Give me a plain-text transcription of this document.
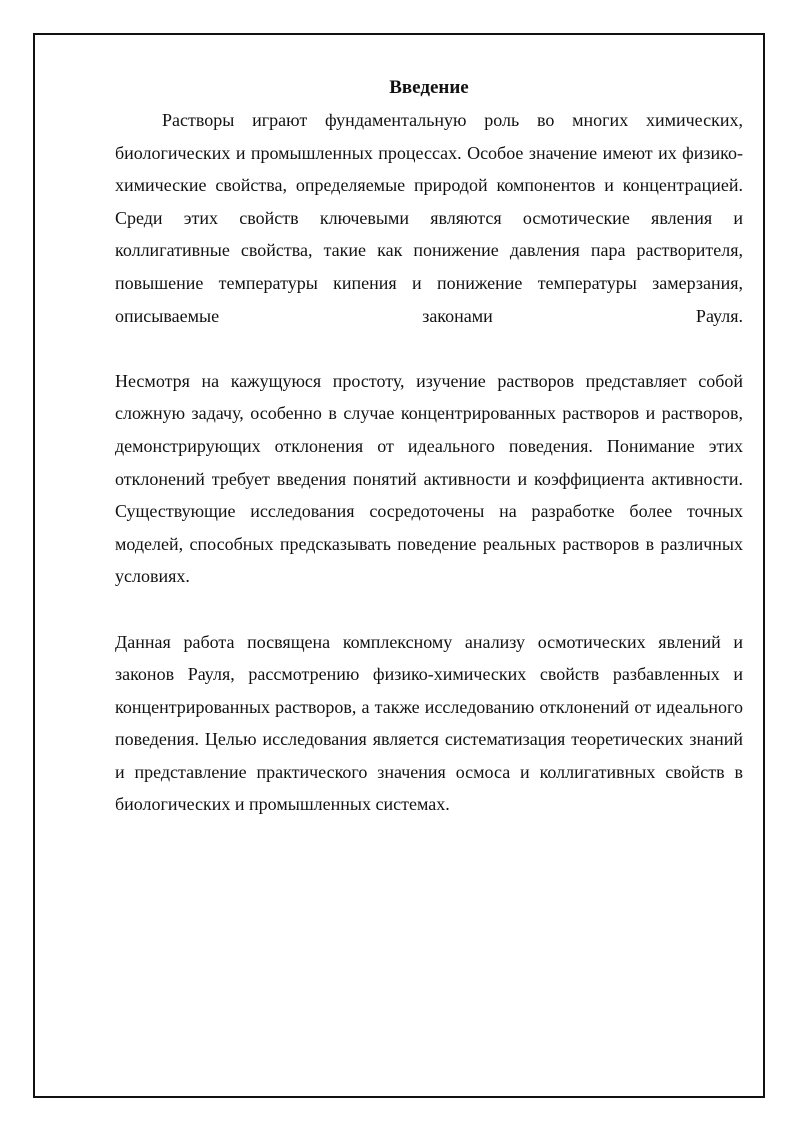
Введение

Растворы играют фундаментальную роль во многих химических, биологических и промышленных процессах. Особое значение имеют их физико-химические свойства, определяемые природой компонентов и концентрацией. Среди этих свойств ключевыми являются осмотические явления и коллигативные свойства, такие как понижение давления пара растворителя, повышение температуры кипения и понижение температуры замерзания, описываемые законами Рауля.

Несмотря на кажущуюся простоту, изучение растворов представляет собой сложную задачу, особенно в случае концентрированных растворов и растворов, демонстрирующих отклонения от идеального поведения. Понимание этих отклонений требует введения понятий активности и коэффициента активности. Существующие исследования сосредоточены на разработке более точных моделей, способных предсказывать поведение реальных растворов в различных условиях.

Данная работа посвящена комплексному анализу осмотических явлений и законов Рауля, рассмотрению физико-химических свойств разбавленных и концентрированных растворов, а также исследованию отклонений от идеального поведения. Целью исследования является систематизация теоретических знаний и представление практического значения осмоса и коллигативных свойств в биологических и промышленных системах.
